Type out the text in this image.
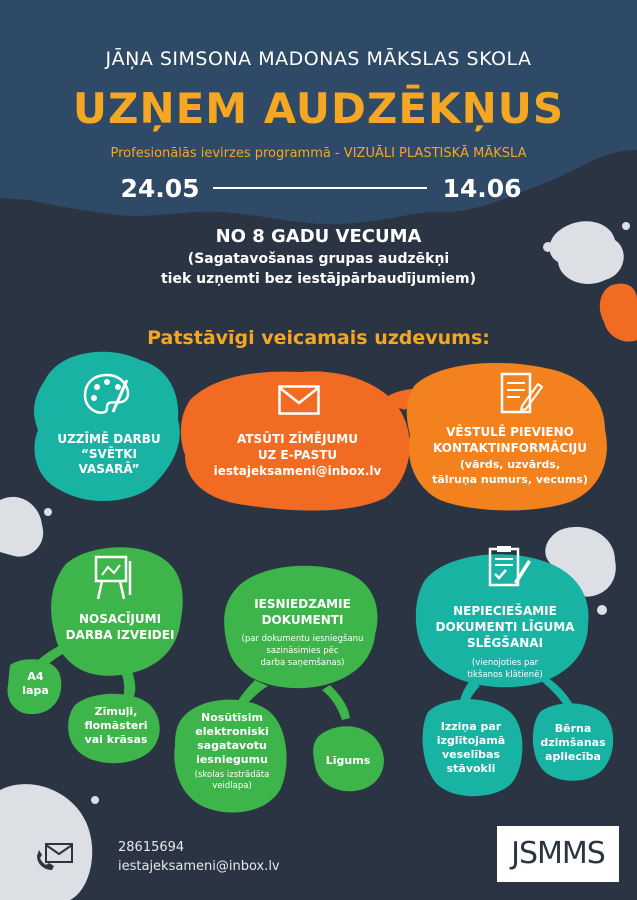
JĀŅA SIMSONA MADONAS MĀKSLAS SKOLA
UZŅEM AUDZĒKŅUS
Profesionālās ievirzes programmā - VIZUĀLI PLASTISKĀ MĀKSLA
24.05	14.06
NO 8 GADU VECUMA
(Sagatavošanas grupas audzēkņi
tiek uzņemti bez iestājpārbaudījumiem)
Patstāvīgi veicamais uzdevums:
UZZĪMĒ DARBU
“SVĒTKI
VASARĀ”
ATSŪTI ZĪMĒJUMU
UZ E-PASTU
iestajeksameni@inbox.lv
VĒSTULĒ PIEVIENO
KONTAKTINFORMĀCIJU
(vārds, uzvārds,
tālruņa numurs, vecums)
NOSACĪJUMI
DARBA IZVEIDEI
A4
lapa
Zīmuļi,
flomāsteri
vai krāsas
IESNIEDZAMIE
DOKUMENTI
(par dokumentu iesniegšanu
sazināsimies pēc
darba saņemšanas)
Nosūtīsim
elektroniski
sagatavotu
iesniegumu
(skolas izstrādāta
veidlapa)
Līgums
NEPIECIEŠAMIE
DOKUMENTI LĪGUMA
SLĒGŠANAI
(vienojoties par
tikšanos klātienē)
Izziņa par
izglītojamā
veselības
stāvokli
Bērna
dzimšanas
apliecība
28615694
iestajeksameni@inbox.lv	JSMMS
